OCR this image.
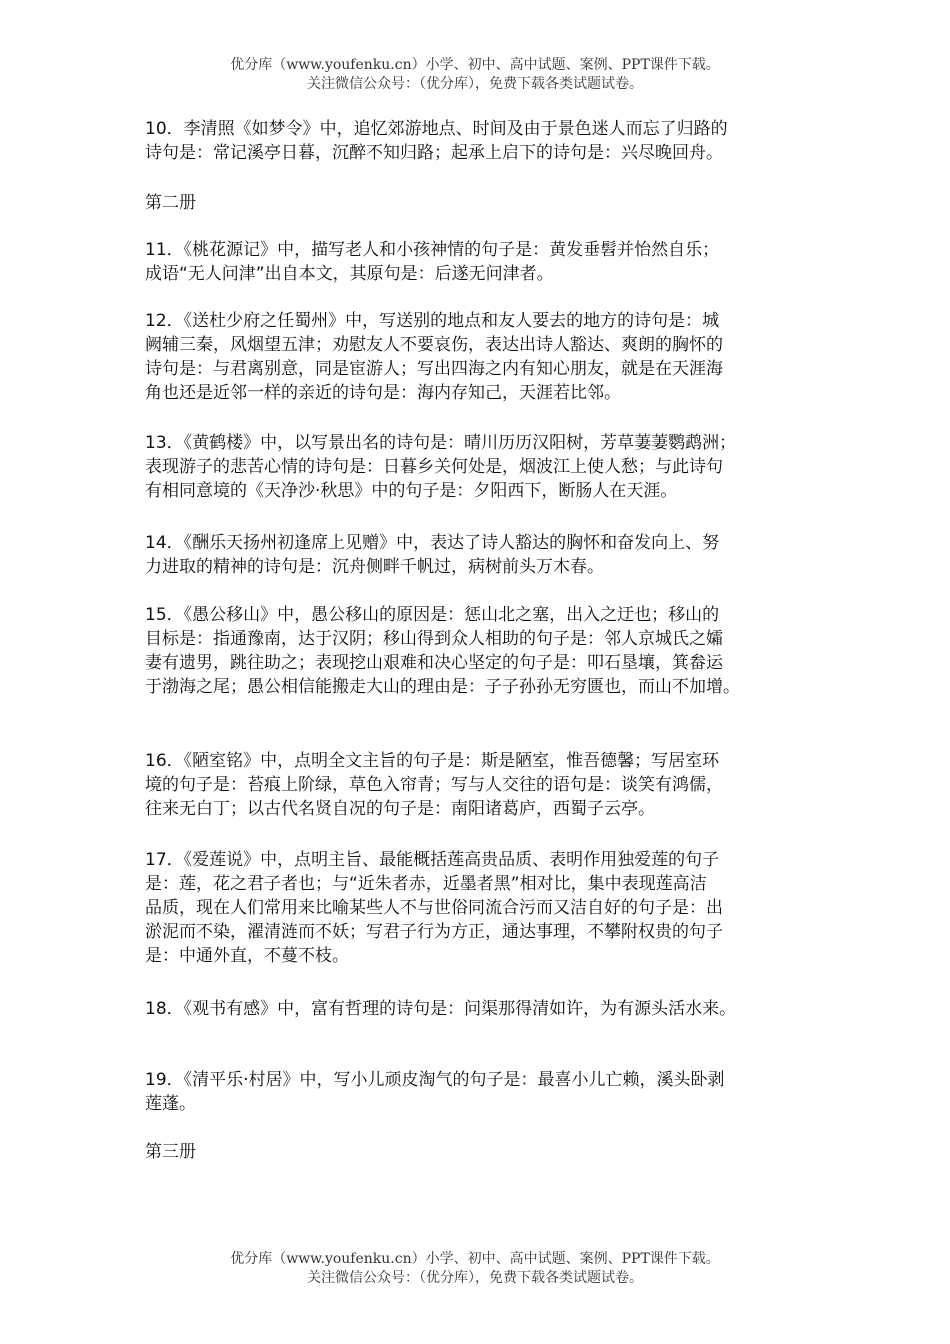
优分库（www.youfenku.cn）小学、初中、高中试题、案例、PPT课件下载。
关注微信公众号：（优分库），免费下载各类试题试卷。

10．李清照《如梦令》中，追忆郊游地点、时间及由于景色迷人而忘了归路的
诗句是：常记溪亭日暮，沉醉不知归路；起承上启下的诗句是：兴尽晚回舟。

第二册

11．《桃花源记》中，描写老人和小孩神情的句子是：黄发垂髫并怡然自乐；
成语“无人问津”出自本文，其原句是：后遂无问津者。

12．《送杜少府之任蜀州》中，写送别的地点和友人要去的地方的诗句是：城
阙辅三秦，风烟望五津；劝慰友人不要哀伤，表达出诗人豁达、爽朗的胸怀的
诗句是：与君离别意，同是宦游人；写出四海之内有知心朋友，就是在天涯海
角也还是近邻一样的亲近的诗句是：海内存知己，天涯若比邻。

13．《黄鹤楼》中，以写景出名的诗句是：晴川历历汉阳树，芳草萋萋鹦鹉洲；
表现游子的悲苦心情的诗句是：日暮乡关何处是，烟波江上使人愁；与此诗句
有相同意境的《天净沙·秋思》中的句子是：夕阳西下，断肠人在天涯。

14．《酬乐天扬州初逢席上见赠》中，表达了诗人豁达的胸怀和奋发向上、努
力进取的精神的诗句是：沉舟侧畔千帆过，病树前头万木春。

15．《愚公移山》中，愚公移山的原因是：惩山北之塞，出入之迂也；移山的
目标是：指通豫南，达于汉阴；移山得到众人相助的句子是：邻人京城氏之孀
妻有遗男，跳往助之；表现挖山艰难和决心坚定的句子是：叩石垦壤，箕畚运
于渤海之尾；愚公相信能搬走大山的理由是：子子孙孙无穷匮也，而山不加增。

16．《陋室铭》中，点明全文主旨的句子是：斯是陋室，惟吾德馨；写居室环
境的句子是：苔痕上阶绿，草色入帘青；写与人交往的语句是：谈笑有鸿儒，
往来无白丁；以古代名贤自况的句子是：南阳诸葛庐，西蜀子云亭。

17．《爱莲说》中，点明主旨、最能概括莲高贵品质、表明作用独爱莲的句子
是：莲，花之君子者也；与“近朱者赤，近墨者黑”相对比，集中表现莲高洁
品质，现在人们常用来比喻某些人不与世俗同流合污而又洁自好的句子是：出
淤泥而不染，濯清涟而不妖；写君子行为方正，通达事理，不攀附权贵的句子
是：中通外直，不蔓不枝。

18．《观书有感》中，富有哲理的诗句是：问渠那得清如许，为有源头活水来。

19．《清平乐·村居》中，写小儿顽皮淘气的句子是：最喜小儿亡赖，溪头卧剥
莲蓬。

第三册

优分库（www.youfenku.cn）小学、初中、高中试题、案例、PPT课件下载。
关注微信公众号：（优分库），免费下载各类试题试卷。
